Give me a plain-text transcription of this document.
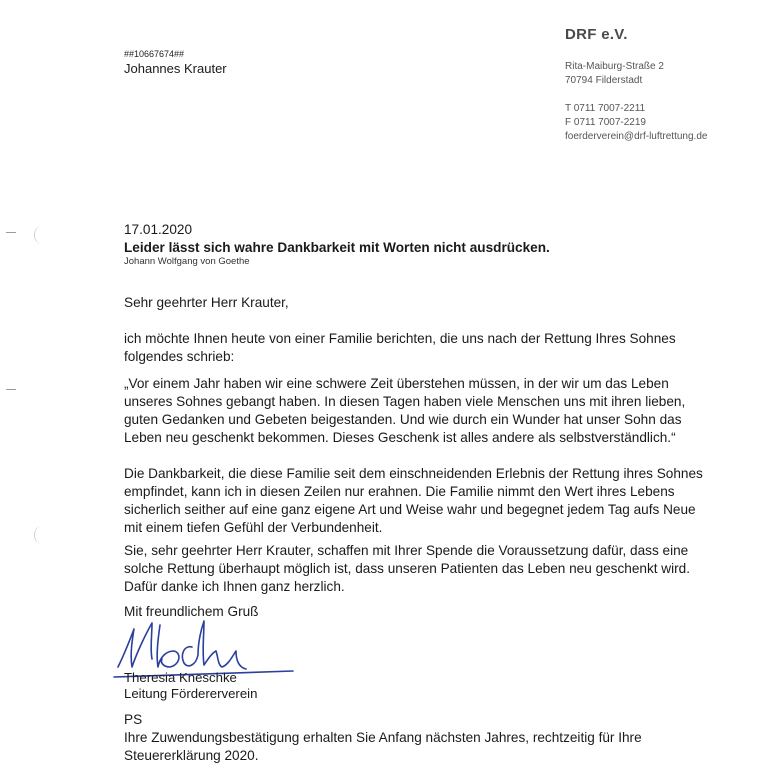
DRF e.V.
Rita-Maiburg-Straße 2
70794 Filderstadt
T 0711 7007-2211
F 0711 7007-2219
foerderverein@drf-luftrettung.de
##10667674##
Johannes Krauter
17.01.2020
Leider lässt sich wahre Dankbarkeit mit Worten nicht ausdrücken.
Johann Wolfgang von Goethe
Sehr geehrter Herr Krauter,
ich möchte Ihnen heute von einer Familie berichten, die uns nach der Rettung Ihres Sohnes folgendes schrieb:
„Vor einem Jahr haben wir eine schwere Zeit überstehen müssen, in der wir um das Leben unseres Sohnes gebangt haben. In diesen Tagen haben viele Menschen uns mit ihren lieben, guten Gedanken und Gebeten beigestanden. Und wie durch ein Wunder hat unser Sohn das Leben neu geschenkt bekommen. Dieses Geschenk ist alles andere als selbstverständlich.“
Die Dankbarkeit, die diese Familie seit dem einschneidenden Erlebnis der Rettung ihres Sohnes empfindet, kann ich in diesen Zeilen nur erahnen. Die Familie nimmt den Wert ihres Lebens sicherlich seither auf eine ganz eigene Art und Weise wahr und begegnet jedem Tag aufs Neue mit einem tiefen Gefühl der Verbundenheit.
Sie, sehr geehrter Herr Krauter, schaffen mit Ihrer Spende die Voraussetzung dafür, dass eine solche Rettung überhaupt möglich ist, dass unseren Patienten das Leben neu geschenkt wird. Dafür danke ich Ihnen ganz herzlich.
Mit freundlichem Gruß
Theresia Kneschke
Leitung Fördererverein
PS
Ihre Zuwendungsbestätigung erhalten Sie Anfang nächsten Jahres, rechtzeitig für Ihre Steuererklärung 2020.
